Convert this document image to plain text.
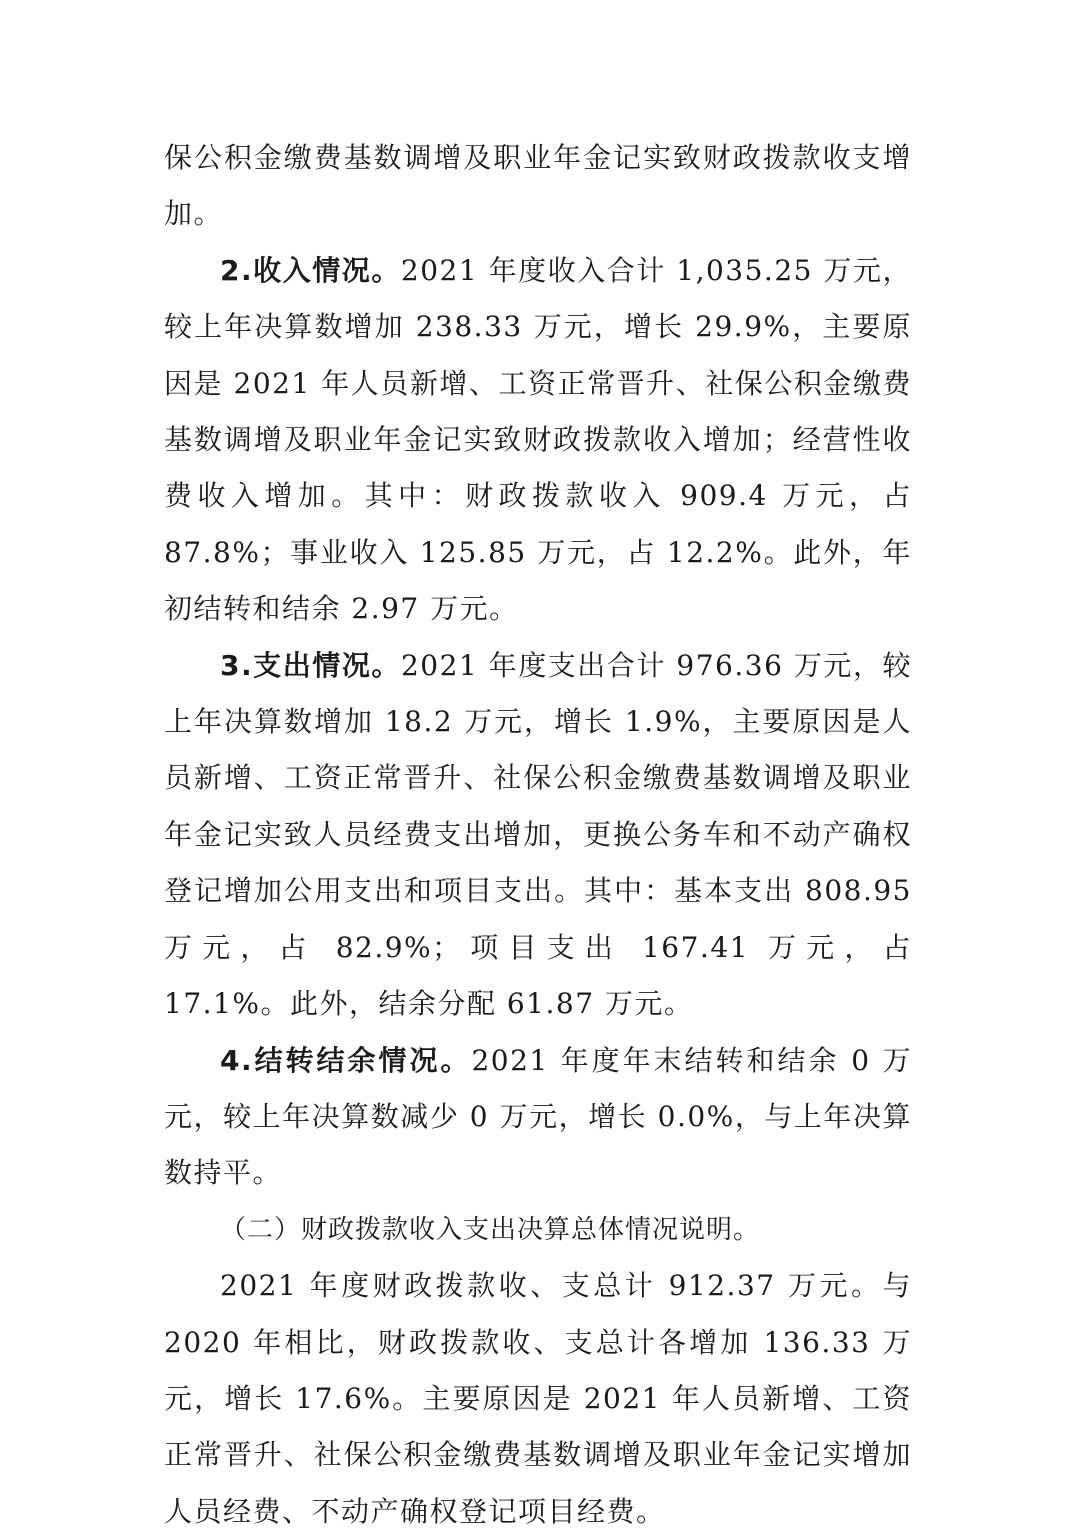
保公积金缴费基数调增及职业年金记实致财政拨款收支增加。

2.收入情况。2021 年度收入合计 1,035.25 万元，较上年决算数增加 238.33 万元，增长 29.9%，主要原因是 2021 年人员新增、工资正常晋升、社保公积金缴费基数调增及职业年金记实致财政拨款收入增加；经营性收费收入增加。其中：财政拨款收入 909.4 万元，占 87.8%；事业收入 125.85 万元，占 12.2%。此外，年初结转和结余 2.97 万元。

3.支出情况。2021 年度支出合计 976.36 万元，较上年决算数增加 18.2 万元，增长 1.9%，主要原因是人员新增、工资正常晋升、社保公积金缴费基数调增及职业年金记实致人员经费支出增加，更换公务车和不动产确权登记增加公用支出和项目支出。其中：基本支出 808.95 万元，占 82.9%；项目支出 167.41 万元，占 17.1%。此外，结余分配 61.87 万元。

4.结转结余情况。2021 年度年末结转和结余 0 万元，较上年决算数减少 0 万元，增长 0.0%，与上年决算数持平。

（二）财政拨款收入支出决算总体情况说明。

2021 年度财政拨款收、支总计 912.37 万元。与 2020 年相比，财政拨款收、支总计各增加 136.33 万元，增长 17.6%。主要原因是 2021 年人员新增、工资正常晋升、社保公积金缴费基数调增及职业年金记实增加人员经费、不动产确权登记项目经费。
